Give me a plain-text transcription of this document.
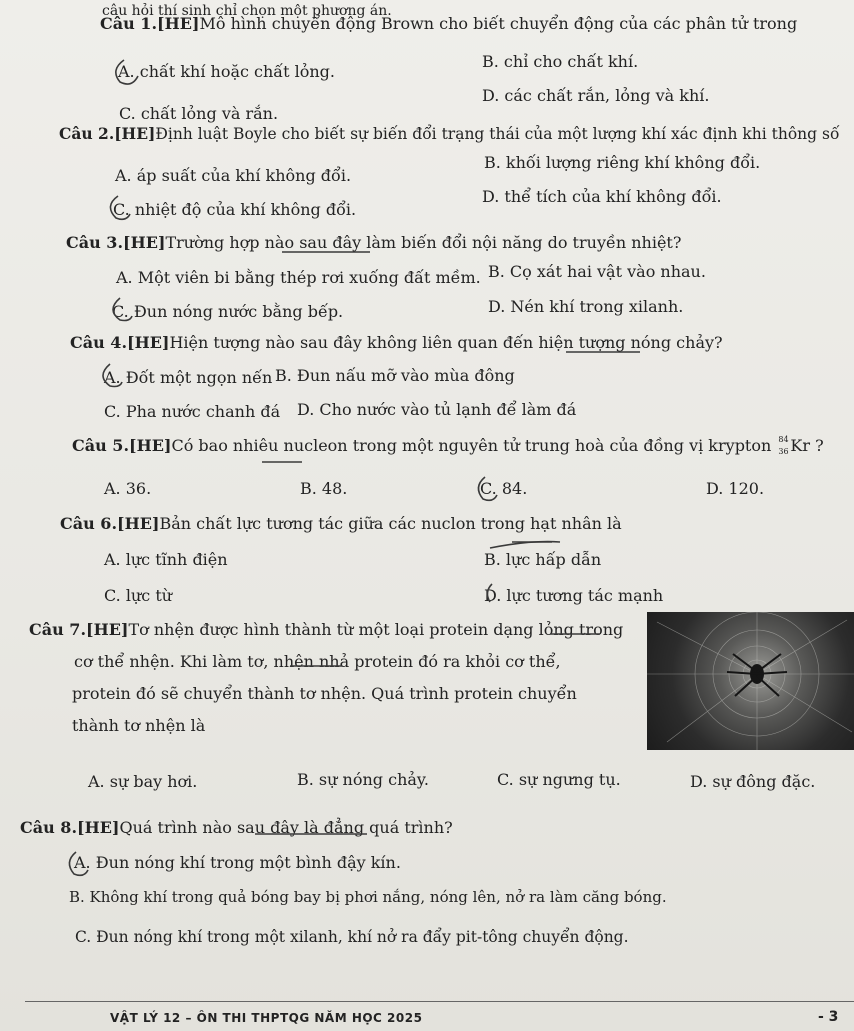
câu hỏi thí sinh chỉ chọn một phương án.
Câu 1.[HE]Mô hình chuyển động Brown cho biết chuyển động của các phân tử trong
A. chất khí hoặc chất lỏng.
B. chỉ cho chất khí.
C. chất lỏng và rắn.
D. các chất rắn, lỏng và khí.
Câu 2.[HE]Định luật Boyle cho biết sự biến đổi trạng thái của một lượng khí xác định khi thông số
A. áp suất của khí không đổi.
B. khối lượng riêng khí không đổi.
C. nhiệt độ của khí không đổi.
D. thể tích của khí không đổi.
Câu 3.[HE]Trường hợp nào sau đây làm biến đổi nội năng do truyền nhiệt?
A. Một viên bi bằng thép rơi xuống đất mềm. B. Cọ xát hai vật vào nhau.
C. Đun nóng nước bằng bếp.	D. Nén khí trong xilanh.
Câu 4.[HE]Hiện tượng nào sau đây không liên quan đến hiện tượng nóng chảy?
A. Đốt một ngọn nến B. Đun nấu mỡ vào mùa đông
C. Pha nước chanh đá D. Cho nước vào tủ lạnh để làm đá
Câu 5.[HE]Có bao nhiêu nucleon trong một nguyên tử trung hoà của đồng vị krypton 84
36 Kr ?
A. 36.	B. 48.	C. 84.	D. 120.
Câu 6.[HE]Bản chất lực tương tác giữa các nuclon trong hạt nhân là
A. lực tĩnh điện	B. lực hấp dẫn
C. lực từ	D. lực tương tác mạnh
Câu 7.[HE]Tơ nhện được hình thành từ một loại protein dạng lỏng trong
cơ thể nhện. Khi làm tơ, nhện nhả protein đó ra khỏi cơ thể,
protein đó sẽ chuyển thành tơ nhện. Quá trình protein chuyển
thành tơ nhện là
A. sự bay hơi.	B. sự nóng chảy.	C. sự ngưng tụ.	D. sự đông đặc.
Câu 8.[HE]Quá trình nào sau đây là đẳng quá trình?
A. Đun nóng khí trong một bình đậy kín.
B. Không khí trong quả bóng bay bị phơi nắng, nóng lên, nở ra làm căng bóng.
C. Đun nóng khí trong một xilanh, khí nở ra đẩy pit-tông chuyển động.
VẬT LÝ 12 – ÔN THI THPTQG NĂM HỌC 2025	- 3
